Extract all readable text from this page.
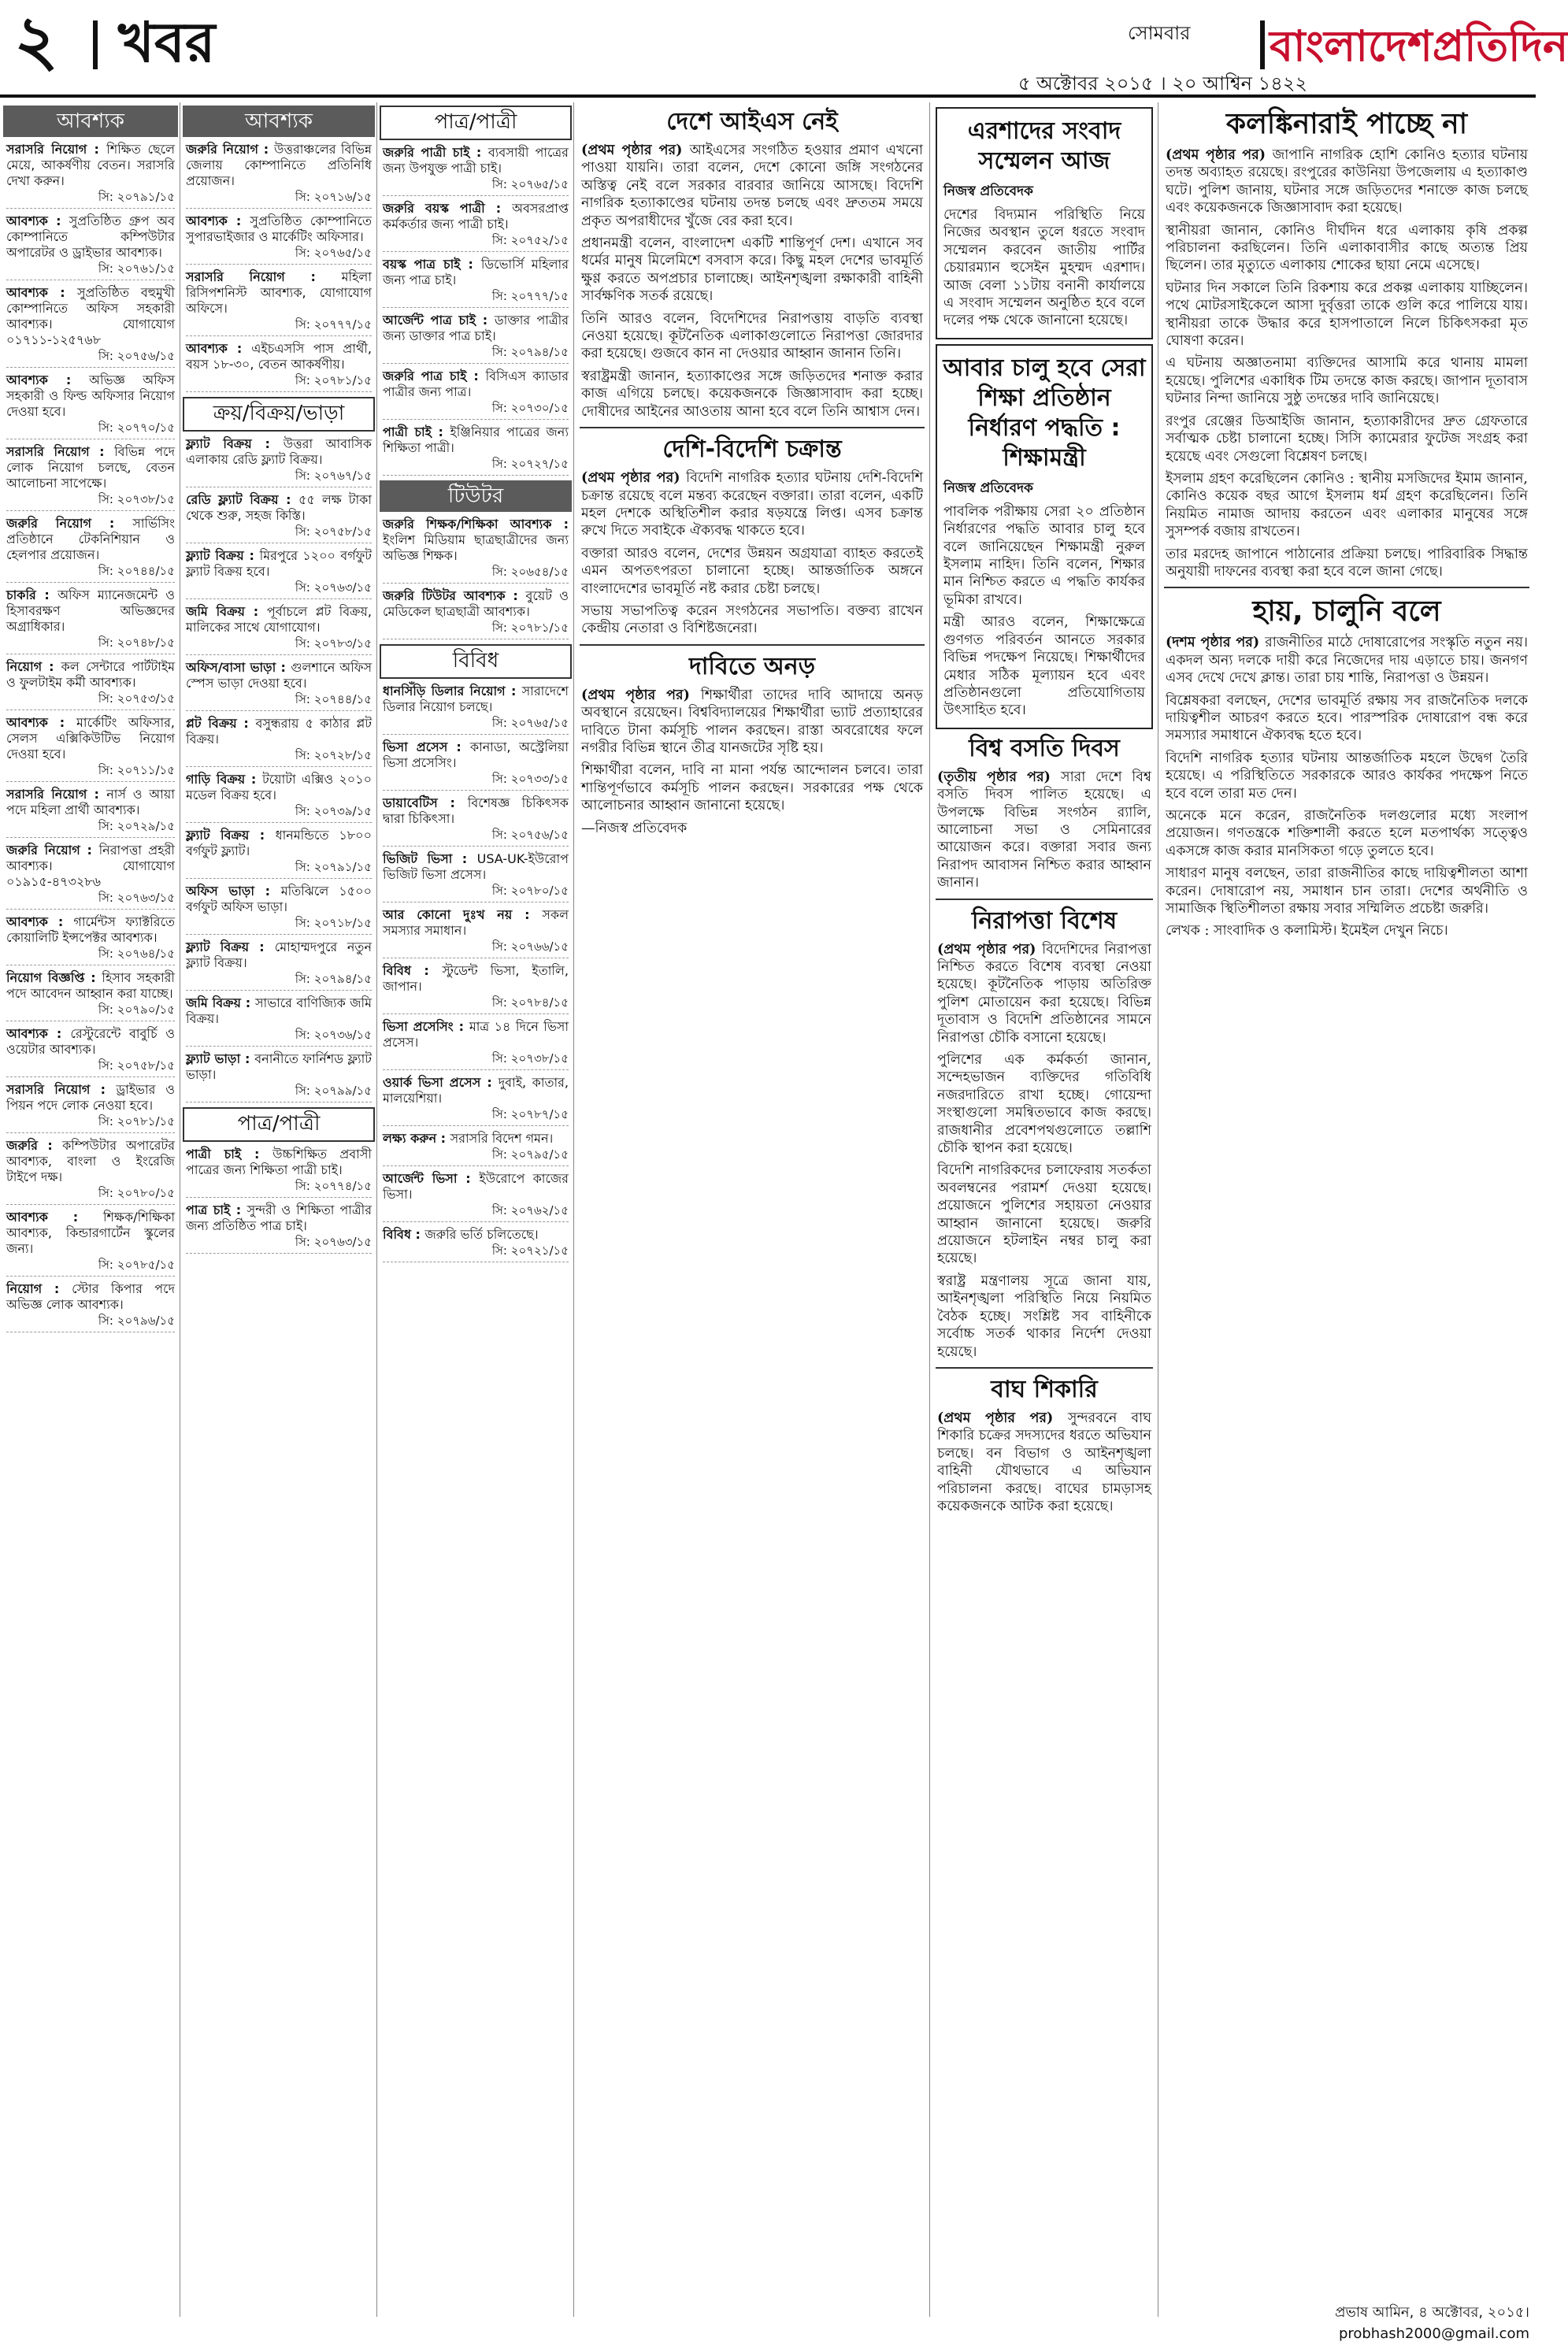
২ খবর	সোমবার
৫ অক্টোবর ২০১৫ । ২০ আশ্বিন ১৪২২
বাংলাদেশপ্রতিদিন
আবশ্যক
সরাসরি নিয়োগ : শিক্ষিত ছেলে মেয়ে, আকর্ষণীয় বেতন। সরাসরি দেখা করুন।
সি: ২০৭৯১/১৫
আবশ্যক : সুপ্রতিষ্ঠিত গ্রুপ অব কোম্পানিতে কম্পিউটার অপারেটর ও ড্রাইভার আবশ্যক।
সি: ২০৭৬১/১৫
আবশ্যক : সুপ্রতিষ্ঠিত বহুমুখী কোম্পানিতে অফিস সহকারী আবশ্যক। যোগাযোগ ০১৭১১-১২৫৭৬৮
সি: ২০৭৫৬/১৫
আবশ্যক : অভিজ্ঞ অফিস সহকারী ও ফিল্ড অফিসার নিয়োগ দেওয়া হবে।
সি: ২০৭৭০/১৫
সরাসরি নিয়োগ : বিভিন্ন পদে লোক নিয়োগ চলছে, বেতন আলোচনা সাপেক্ষে।
সি: ২০৭৩৮/১৫
জরুরি নিয়োগ : সার্ভিসিং প্রতিষ্ঠানে টেকনিশিয়ান ও হেলপার প্রয়োজন।
সি: ২০৭৪৪/১৫
চাকরি : অফিস ম্যানেজমেন্ট ও হিসাবরক্ষণ অভিজ্ঞদের অগ্রাধিকার।
সি: ২০৭৪৮/১৫
নিয়োগ : কল সেন্টারে পার্টটাইম ও ফুলটাইম কর্মী আবশ্যক।
সি: ২০৭৫৩/১৫
আবশ্যক : মার্কেটিং অফিসার, সেলস এক্সিকিউটিভ নিয়োগ দেওয়া হবে।
সি: ২০৭১১/১৫
সরাসরি নিয়োগ : নার্স ও আয়া পদে মহিলা প্রার্থী আবশ্যক।
সি: ২০৭২৯/১৫
জরুরি নিয়োগ : নিরাপত্তা প্রহরী আবশ্যক। যোগাযোগ ০১৯১৫-৪৭৩২৮৬
সি: ২০৭৬৩/১৫
আবশ্যক : গার্মেন্টস ফ্যাক্টরিতে কোয়ালিটি ইন্সপেক্টর আবশ্যক।
সি: ২০৭৬৪/১৫
নিয়োগ বিজ্ঞপ্তি : হিসাব সহকারী পদে আবেদন আহ্বান করা যাচ্ছে।
সি: ২০৭৯০/১৫
আবশ্যক : রেস্টুরেন্টে বাবুর্চি ও ওয়েটার আবশ্যক।
সি: ২০৭৫৮/১৫
সরাসরি নিয়োগ : ড্রাইভার ও পিয়ন পদে লোক নেওয়া হবে।
সি: ২০৭৮১/১৫
জরুরি : কম্পিউটার অপারেটর আবশ্যক, বাংলা ও ইংরেজি টাইপে দক্ষ।
সি: ২০৭৮০/১৫
আবশ্যক : শিক্ষক/শিক্ষিকা আবশ্যক, কিন্ডারগার্টেন স্কুলের জন্য।
সি: ২০৭৮৫/১৫
নিয়োগ : স্টোর কিপার পদে অভিজ্ঞ লোক আবশ্যক।
সি: ২০৭৯৬/১৫
আবশ্যক
জরুরি নিয়োগ : উত্তরাঞ্চলের বিভিন্ন জেলায় কোম্পানিতে প্রতিনিধি প্রয়োজন।
সি: ২০৭১৬/১৫
আবশ্যক : সুপ্রতিষ্ঠিত কোম্পানিতে সুপারভাইজার ও মার্কেটিং অফিসার।
সি: ২০৭৬৫/১৫
সরাসরি নিয়োগ : মহিলা রিসিপশনিস্ট আবশ্যক, যোগাযোগ অফিসে।
সি: ২০৭৭৭/১৫
আবশ্যক : এইচএসসি পাস প্রার্থী, বয়স ১৮-৩০, বেতন আকর্ষণীয়।
সি: ২০৭৮১/১৫
ক্রয়/বিক্রয়/ভাড়া
ফ্ল্যাট বিক্রয় : উত্তরা আবাসিক এলাকায় রেডি ফ্ল্যাট বিক্রয়।
সি: ২০৭৬৭/১৫
রেডি ফ্ল্যাট বিক্রয় : ৫৫ লক্ষ টাকা থেকে শুরু, সহজ কিস্তি।
সি: ২০৭৫৮/১৫
ফ্ল্যাট বিক্রয় : মিরপুরে ১২০০ বর্গফুট ফ্ল্যাট বিক্রয় হবে।
সি: ২০৭৬৩/১৫
জমি বিক্রয় : পূর্বাচলে প্লট বিক্রয়, মালিকের সাথে যোগাযোগ।
সি: ২০৭৮৩/১৫
অফিস/বাসা ভাড়া : গুলশানে অফিস স্পেস ভাড়া দেওয়া হবে।
সি: ২০৭৪৪/১৫
প্লট বিক্রয় : বসুন্ধরায় ৫ কাঠার প্লট বিক্রয়।
সি: ২০৭২৮/১৫
গাড়ি বিক্রয় : টয়োটা এক্সিও ২০১০ মডেল বিক্রয় হবে।
সি: ২০৭৩৯/১৫
ফ্ল্যাট বিক্রয় : ধানমন্ডিতে ১৮০০ বর্গফুট ফ্ল্যাট।
সি: ২০৭৯১/১৫
অফিস ভাড়া : মতিঝিলে ১৫০০ বর্গফুট অফিস ভাড়া।
সি: ২০৭১৮/১৫
ফ্ল্যাট বিক্রয় : মোহাম্মদপুরে নতুন ফ্ল্যাট বিক্রয়।
সি: ২০৭৯৪/১৫
জমি বিক্রয় : সাভারে বাণিজ্যিক জমি বিক্রয়।
সি: ২০৭৩৬/১৫
ফ্ল্যাট ভাড়া : বনানীতে ফার্নিশড ফ্ল্যাট ভাড়া।
সি: ২০৭৯৯/১৫
পাত্র/পাত্রী
পাত্রী চাই : উচ্চশিক্ষিত প্রবাসী পাত্রের জন্য শিক্ষিতা পাত্রী চাই।
সি: ২০৭৭৪/১৫
পাত্র চাই : সুন্দরী ও শিক্ষিতা পাত্রীর জন্য প্রতিষ্ঠিত পাত্র চাই।
সি: ২০৭৬৩/১৫
পাত্র/পাত্রী
জরুরি পাত্রী চাই : ব্যবসায়ী পাত্রের জন্য উপযুক্ত পাত্রী চাই।
সি: ২০৭৬৫/১৫
জরুরি বয়স্ক পাত্রী : অবসরপ্রাপ্ত কর্মকর্তার জন্য পাত্রী চাই।
সি: ২০৭৫২/১৫
বয়স্ক পাত্র চাই : ডিভোর্সি মহিলার জন্য পাত্র চাই।
সি: ২০৭৭৭/১৫
আর্জেন্ট পাত্র চাই : ডাক্তার পাত্রীর জন্য ডাক্তার পাত্র চাই।
সি: ২০৭৯৪/১৫
জরুরি পাত্র চাই : বিসিএস ক্যাডার পাত্রীর জন্য পাত্র।
সি: ২০৭৩০/১৫
পাত্রী চাই : ইঞ্জিনিয়ার পাত্রের জন্য শিক্ষিতা পাত্রী।
সি: ২০৭২৭/১৫
টিউটর
জরুরি শিক্ষক/শিক্ষিকা আবশ্যক : ইংলিশ মিডিয়াম ছাত্রছাত্রীদের জন্য অভিজ্ঞ শিক্ষক।
সি: ২০৬৫৪/১৫
জরুরি টিউটর আবশ্যক : বুয়েট ও মেডিকেল ছাত্রছাত্রী আবশ্যক।
সি: ২০৭৮১/১৫
বিবিধ
ধানসিঁড়ি ডিলার নিয়োগ : সারাদেশে ডিলার নিয়োগ চলছে।
সি: ২০৭৬৫/১৫
ভিসা প্রসেস : কানাডা, অস্ট্রেলিয়া ভিসা প্রসেসিং।
সি: ২০৭৩৩/১৫
ডায়াবেটিস : বিশেষজ্ঞ চিকিৎসক দ্বারা চিকিৎসা।
সি: ২০৭৫৬/১৫
ভিজিট ভিসা : USA-UK-ইউরোপ ভিজিট ভিসা প্রসেস।
সি: ২০৭৮০/১৫
আর কোনো দুঃখ নয় : সকল সমস্যার সমাধান।
সি: ২০৭৬৬/১৫
বিবিধ : স্টুডেন্ট ভিসা, ইতালি, জাপান।
সি: ২০৭৮৪/১৫
ভিসা প্রসেসিং : মাত্র ১৪ দিনে ভিসা প্রসেস।
সি: ২০৭৩৮/১৫
ওয়ার্ক ভিসা প্রসেস : দুবাই, কাতার, মালয়েশিয়া।
সি: ২০৭৮৭/১৫
লক্ষ্য করুন : সরাসরি বিদেশ গমন।
সি: ২০৭৯৫/১৫
আর্জেন্ট ভিসা : ইউরোপে কাজের ভিসা।
সি: ২০৭৬২/১৫
বিবিধ : জরুরি ভর্তি চলিতেছে।
সি: ২০৭২১/১৫
দেশে আইএস নেই

(প্রথম পৃষ্ঠার পর) আইএসের সংগঠিত হওয়ার প্রমাণ এখনো পাওয়া যায়নি। তারা বলেন, দেশে কোনো জঙ্গি সংগঠনের অস্তিত্ব নেই বলে সরকার বারবার জানিয়ে আসছে। বিদেশি নাগরিক হত্যাকাণ্ডের ঘটনায় তদন্ত চলছে এবং দ্রুততম সময়ে প্রকৃত অপরাধীদের খুঁজে বের করা হবে।

প্রধানমন্ত্রী বলেন, বাংলাদেশ একটি শান্তিপূর্ণ দেশ। এখানে সব ধর্মের মানুষ মিলেমিশে বসবাস করে। কিছু মহল দেশের ভাবমূর্তি ক্ষুণ্ণ করতে অপপ্রচার চালাচ্ছে। আইনশৃঙ্খলা রক্ষাকারী বাহিনী সার্বক্ষণিক সতর্ক রয়েছে।

তিনি আরও বলেন, বিদেশিদের নিরাপত্তায় বাড়তি ব্যবস্থা নেওয়া হয়েছে। কূটনৈতিক এলাকাগুলোতে নিরাপত্তা জোরদার করা হয়েছে। গুজবে কান না দেওয়ার আহ্বান জানান তিনি।

স্বরাষ্ট্রমন্ত্রী জানান, হত্যাকাণ্ডের সঙ্গে জড়িতদের শনাক্ত করার কাজ এগিয়ে চলছে। কয়েকজনকে জিজ্ঞাসাবাদ করা হচ্ছে। দোষীদের আইনের আওতায় আনা হবে বলে তিনি আশ্বাস দেন।

দেশি-বিদেশি চক্রান্ত

(প্রথম পৃষ্ঠার পর) বিদেশি নাগরিক হত্যার ঘটনায় দেশি-বিদেশি চক্রান্ত রয়েছে বলে মন্তব্য করেছেন বক্তারা। তারা বলেন, একটি মহল দেশকে অস্থিতিশীল করার ষড়যন্ত্রে লিপ্ত। এসব চক্রান্ত রুখে দিতে সবাইকে ঐক্যবদ্ধ থাকতে হবে।

বক্তারা আরও বলেন, দেশের উন্নয়ন অগ্রযাত্রা ব্যাহত করতেই এমন অপতৎপরতা চালানো হচ্ছে। আন্তর্জাতিক অঙ্গনে বাংলাদেশের ভাবমূর্তি নষ্ট করার চেষ্টা চলছে।

সভায় সভাপতিত্ব করেন সংগঠনের সভাপতি। বক্তব্য রাখেন কেন্দ্রীয় নেতারা ও বিশিষ্টজনেরা।

দাবিতে অনড়

(প্রথম পৃষ্ঠার পর) শিক্ষার্থীরা তাদের দাবি আদায়ে অনড় অবস্থানে রয়েছেন। বিশ্ববিদ্যালয়ের শিক্ষার্থীরা ভ্যাট প্রত্যাহারের দাবিতে টানা কর্মসূচি পালন করছেন। রাস্তা অবরোধের ফলে নগরীর বিভিন্ন স্থানে তীব্র যানজটের সৃষ্টি হয়।

শিক্ষার্থীরা বলেন, দাবি না মানা পর্যন্ত আন্দোলন চলবে। তারা শান্তিপূর্ণভাবে কর্মসূচি পালন করছেন। সরকারের পক্ষ থেকে আলোচনার আহ্বান জানানো হয়েছে।

—নিজস্ব প্রতিবেদক

এরশাদের সংবাদ সম্মেলন আজ
নিজস্ব প্রতিবেদক

দেশের বিদ্যমান পরিস্থিতি নিয়ে নিজের অবস্থান তুলে ধরতে সংবাদ সম্মেলন করবেন জাতীয় পার্টির চেয়ারম্যান হুসেইন মুহম্মদ এরশাদ। আজ বেলা ১১টায় বনানী কার্যালয়ে এ সংবাদ সম্মেলন অনুষ্ঠিত হবে বলে দলের পক্ষ থেকে জানানো হয়েছে।

আবার চালু হবে সেরা শিক্ষা প্রতিষ্ঠান নির্ধারণ পদ্ধতি : শিক্ষামন্ত্রী
নিজস্ব প্রতিবেদক

পাবলিক পরীক্ষায় সেরা ২০ প্রতিষ্ঠান নির্ধারণের পদ্ধতি আবার চালু হবে বলে জানিয়েছেন শিক্ষামন্ত্রী নুরুল ইসলাম নাহিদ। তিনি বলেন, শিক্ষার মান নিশ্চিত করতে এ পদ্ধতি কার্যকর ভূমিকা রাখবে।

মন্ত্রী আরও বলেন, শিক্ষাক্ষেত্রে গুণগত পরিবর্তন আনতে সরকার বিভিন্ন পদক্ষেপ নিয়েছে। শিক্ষার্থীদের মেধার সঠিক মূল্যায়ন হবে এবং প্রতিষ্ঠানগুলো প্রতিযোগিতায় উৎসাহিত হবে।

বিশ্ব বসতি দিবস

(তৃতীয় পৃষ্ঠার পর) সারা দেশে বিশ্ব বসতি দিবস পালিত হয়েছে। এ উপলক্ষে বিভিন্ন সংগঠন র‌্যালি, আলোচনা সভা ও সেমিনারের আয়োজন করে। বক্তারা সবার জন্য নিরাপদ আবাসন নিশ্চিত করার আহ্বান জানান।

নিরাপত্তা বিশেষ

(প্রথম পৃষ্ঠার পর) বিদেশিদের নিরাপত্তা নিশ্চিত করতে বিশেষ ব্যবস্থা নেওয়া হয়েছে। কূটনৈতিক পাড়ায় অতিরিক্ত পুলিশ মোতায়েন করা হয়েছে। বিভিন্ন দূতাবাস ও বিদেশি প্রতিষ্ঠানের সামনে নিরাপত্তা চৌকি বসানো হয়েছে।

পুলিশের এক কর্মকর্তা জানান, সন্দেহভাজন ব্যক্তিদের গতিবিধি নজরদারিতে রাখা হচ্ছে। গোয়েন্দা সংস্থাগুলো সমন্বিতভাবে কাজ করছে। রাজধানীর প্রবেশপথগুলোতে তল্লাশি চৌকি স্থাপন করা হয়েছে।

বিদেশি নাগরিকদের চলাফেরায় সতর্কতা অবলম্বনের পরামর্শ দেওয়া হয়েছে। প্রয়োজনে পুলিশের সহায়তা নেওয়ার আহ্বান জানানো হয়েছে। জরুরি প্রয়োজনে হটলাইন নম্বর চালু করা হয়েছে।

স্বরাষ্ট্র মন্ত্রণালয় সূত্রে জানা যায়, আইনশৃঙ্খলা পরিস্থিতি নিয়ে নিয়মিত বৈঠক হচ্ছে। সংশ্লিষ্ট সব বাহিনীকে সর্বোচ্চ সতর্ক থাকার নির্দেশ দেওয়া হয়েছে।

বাঘ শিকারি

(প্রথম পৃষ্ঠার পর) সুন্দরবনে বাঘ শিকারি চক্রের সদস্যদের ধরতে অভিযান চলছে। বন বিভাগ ও আইনশৃঙ্খলা বাহিনী যৌথভাবে এ অভিযান পরিচালনা করছে। বাঘের চামড়াসহ কয়েকজনকে আটক করা হয়েছে।

কলঙ্কিনারাই পাচ্ছে না

(প্রথম পৃষ্ঠার পর) জাপানি নাগরিক হোশি কোনিও হত্যার ঘটনায় তদন্ত অব্যাহত রয়েছে। রংপুরের কাউনিয়া উপজেলায় এ হত্যাকাণ্ড ঘটে। পুলিশ জানায়, ঘটনার সঙ্গে জড়িতদের শনাক্তে কাজ চলছে এবং কয়েকজনকে জিজ্ঞাসাবাদ করা হয়েছে।

স্থানীয়রা জানান, কোনিও দীর্ঘদিন ধরে এলাকায় কৃষি প্রকল্প পরিচালনা করছিলেন। তিনি এলাকাবাসীর কাছে অত্যন্ত প্রিয় ছিলেন। তার মৃত্যুতে এলাকায় শোকের ছায়া নেমে এসেছে।

ঘটনার দিন সকালে তিনি রিকশায় করে প্রকল্প এলাকায় যাচ্ছিলেন। পথে মোটরসাইকেলে আসা দুর্বৃত্তরা তাকে গুলি করে পালিয়ে যায়। স্থানীয়রা তাকে উদ্ধার করে হাসপাতালে নিলে চিকিৎসকরা মৃত ঘোষণা করেন।

এ ঘটনায় অজ্ঞাতনামা ব্যক্তিদের আসামি করে থানায় মামলা হয়েছে। পুলিশের একাধিক টিম তদন্তে কাজ করছে। জাপান দূতাবাস ঘটনার নিন্দা জানিয়ে সুষ্ঠু তদন্তের দাবি জানিয়েছে।

রংপুর রেঞ্জের ডিআইজি জানান, হত্যাকারীদের দ্রুত গ্রেফতারে সর্বাত্মক চেষ্টা চালানো হচ্ছে। সিসি ক্যামেরার ফুটেজ সংগ্রহ করা হয়েছে এবং সেগুলো বিশ্লেষণ চলছে।

ইসলাম গ্রহণ করেছিলেন কোনিও : স্থানীয় মসজিদের ইমাম জানান, কোনিও কয়েক বছর আগে ইসলাম ধর্ম গ্রহণ করেছিলেন। তিনি নিয়মিত নামাজ আদায় করতেন এবং এলাকার মানুষের সঙ্গে সুসম্পর্ক বজায় রাখতেন।

তার মরদেহ জাপানে পাঠানোর প্রক্রিয়া চলছে। পারিবারিক সিদ্ধান্ত অনুযায়ী দাফনের ব্যবস্থা করা হবে বলে জানা গেছে।

হায়, চালুনি বলে

(দশম পৃষ্ঠার পর) রাজনীতির মাঠে দোষারোপের সংস্কৃতি নতুন নয়। একদল অন্য দলকে দায়ী করে নিজেদের দায় এড়াতে চায়। জনগণ এসব দেখে দেখে ক্লান্ত। তারা চায় শান্তি, নিরাপত্তা ও উন্নয়ন।

বিশ্লেষকরা বলছেন, দেশের ভাবমূর্তি রক্ষায় সব রাজনৈতিক দলকে দায়িত্বশীল আচরণ করতে হবে। পারস্পরিক দোষারোপ বন্ধ করে সমস্যার সমাধানে ঐক্যবদ্ধ হতে হবে।

বিদেশি নাগরিক হত্যার ঘটনায় আন্তর্জাতিক মহলে উদ্বেগ তৈরি হয়েছে। এ পরিস্থিতিতে সরকারকে আরও কার্যকর পদক্ষেপ নিতে হবে বলে তারা মত দেন।

অনেকে মনে করেন, রাজনৈতিক দলগুলোর মধ্যে সংলাপ প্রয়োজন। গণতন্ত্রকে শক্তিশালী করতে হলে মতপার্থক্য সত্ত্বেও একসঙ্গে কাজ করার মানসিকতা গড়ে তুলতে হবে।

সাধারণ মানুষ বলছেন, তারা রাজনীতির কাছে দায়িত্বশীলতা আশা করেন। দোষারোপ নয়, সমাধান চান তারা। দেশের অর্থনীতি ও সামাজিক স্থিতিশীলতা রক্ষায় সবার সম্মিলিত প্রচেষ্টা জরুরি।

লেখক : সাংবাদিক ও কলামিস্ট। ইমেইল দেখুন নিচে।

প্রভাষ আমিন, ৪ অক্টোবর, ২০১৫। probhash2000@gmail.com
